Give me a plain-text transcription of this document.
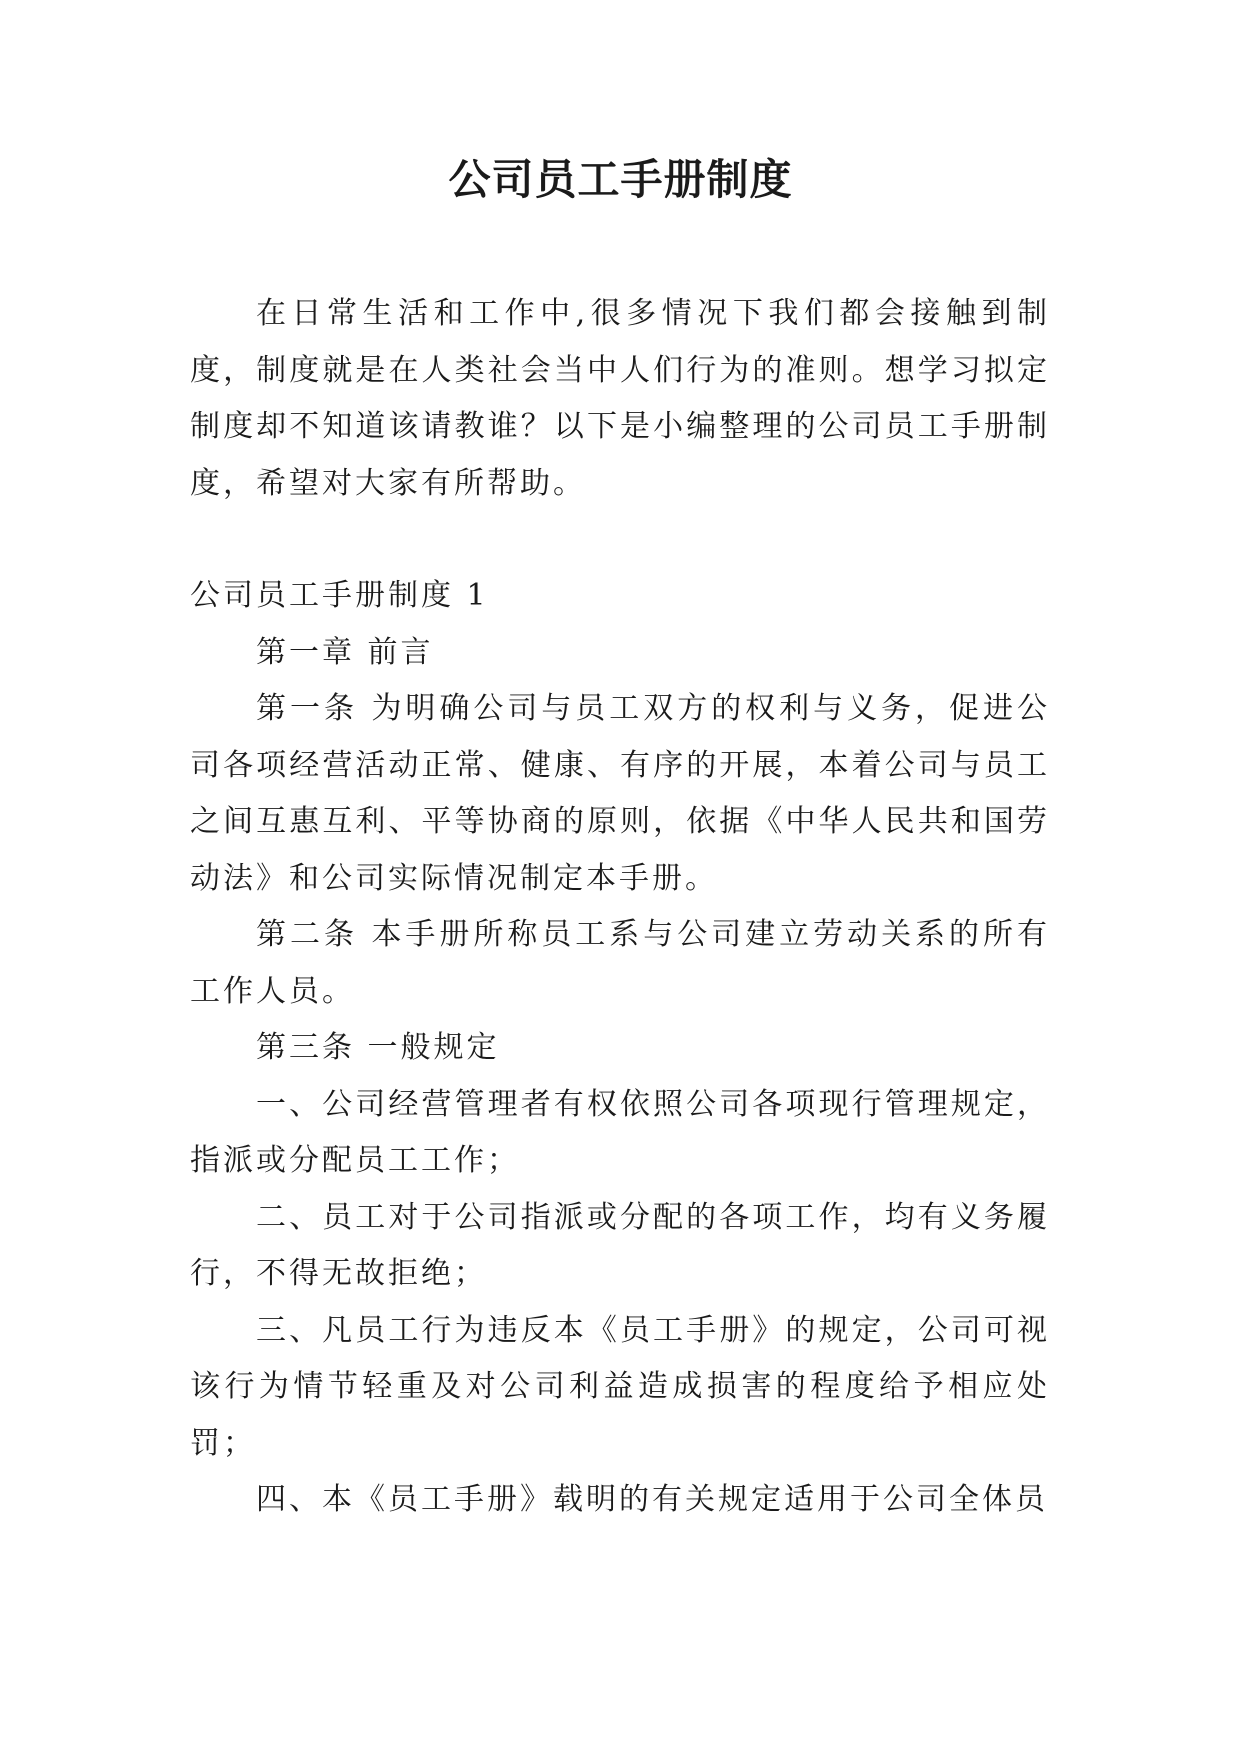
公司员工手册制度

在日常生活和工作中,很多情况下我们都会接触到制度，制度就是在人类社会当中人们行为的准则。想学习拟定制度却不知道该请教谁？以下是小编整理的公司员工手册制度，希望对大家有所帮助。

公司员工手册制度 1

第一章 前言

第一条 为明确公司与员工双方的权利与义务，促进公司各项经营活动正常、健康、有序的开展，本着公司与员工之间互惠互利、平等协商的原则，依据《中华人民共和国劳动法》和公司实际情况制定本手册。

第二条 本手册所称员工系与公司建立劳动关系的所有工作人员。

第三条 一般规定

一、公司经营管理者有权依照公司各项现行管理规定，指派或分配员工工作；

二、员工对于公司指派或分配的各项工作，均有义务履行，不得无故拒绝；

三、凡员工行为违反本《员工手册》的规定，公司可视该行为情节轻重及对公司利益造成损害的程度给予相应处罚；

四、本《员工手册》载明的有关规定适用于公司全体员
